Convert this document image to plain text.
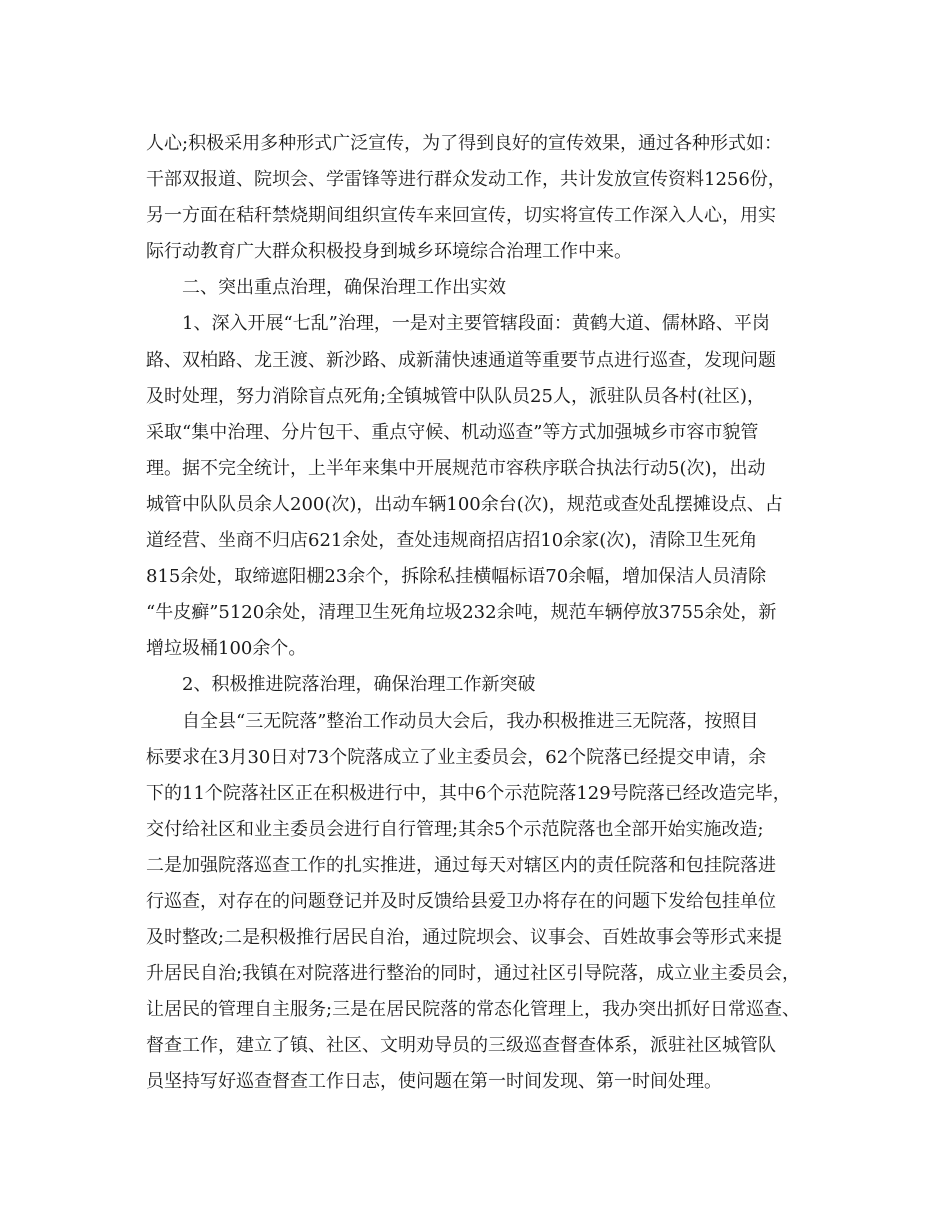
人心;积极采用多种形式广泛宣传，为了得到良好的宣传效果，通过各种形式如：
干部双报道、院坝会、学雷锋等进行群众发动工作，共计发放宣传资料1256份，
另一方面在秸秆禁烧期间组织宣传车来回宣传，切实将宣传工作深入人心，用实
际行动教育广大群众积极投身到城乡环境综合治理工作中来。
二、突出重点治理，确保治理工作出实效
1、深入开展“七乱”治理，一是对主要管辖段面：黄鹤大道、儒林路、平岗
路、双柏路、龙王渡、新沙路、成新蒲快速通道等重要节点进行巡查，发现问题
及时处理，努力消除盲点死角;全镇城管中队队员25人，派驻队员各村(社区)，
采取“集中治理、分片包干、重点守候、机动巡查”等方式加强城乡市容市貌管
理。据不完全统计，上半年来集中开展规范市容秩序联合执法行动5(次)，出动
城管中队队员余人200(次)，出动车辆100余台(次)，规范或查处乱摆摊设点、占
道经营、坐商不归店621余处，查处违规商招店招10余家(次)，清除卫生死角
815余处，取缔遮阳棚23余个，拆除私挂横幅标语70余幅，增加保洁人员清除
“牛皮癣”5120余处，清理卫生死角垃圾232余吨，规范车辆停放3755余处，新
增垃圾桶100余个。
2、积极推进院落治理，确保治理工作新突破
自全县“三无院落”整治工作动员大会后，我办积极推进三无院落，按照目
标要求在3月30日对73个院落成立了业主委员会，62个院落已经提交申请，余
下的11个院落社区正在积极进行中，其中6个示范院落129号院落已经改造完毕，
交付给社区和业主委员会进行自行管理;其余5个示范院落也全部开始实施改造;
二是加强院落巡查工作的扎实推进，通过每天对辖区内的责任院落和包挂院落进
行巡查，对存在的问题登记并及时反馈给县爱卫办将存在的问题下发给包挂单位
及时整改;二是积极推行居民自治，通过院坝会、议事会、百姓故事会等形式来提
升居民自治;我镇在对院落进行整治的同时，通过社区引导院落，成立业主委员会，
让居民的管理自主服务;三是在居民院落的常态化管理上，我办突出抓好日常巡查、
督查工作，建立了镇、社区、文明劝导员的三级巡查督查体系，派驻社区城管队
员坚持写好巡查督查工作日志，使问题在第一时间发现、第一时间处理。
